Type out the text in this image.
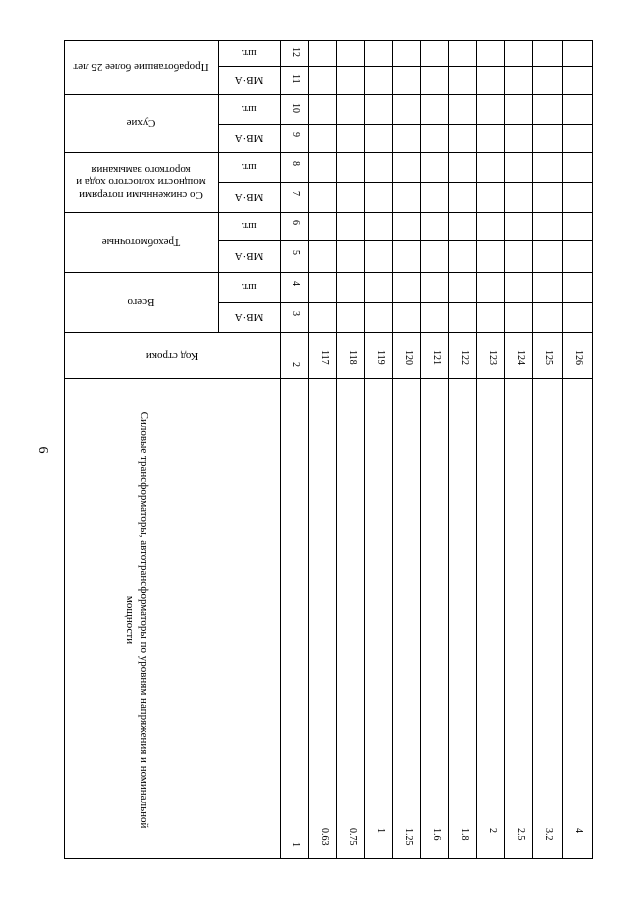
6
Всего
Трехобмоточные
Со сниженными потерями мощности холостого хода и короткого замыкания
Сухие
Проработавшие более 25 лет
МВ·А
шт.
МВ·А
шт.
МВ·А
шт.
МВ·А
шт.
МВ·А
шт.
3
4
5
6
7
8
9
10
11
12
2
1
Код строки
Силовые трансформаторы, автотрансформаторы по уровням напряжения и номинальной мощности
117
0.63
118
0.75
119
1
120
1.25
121
1.6
122
1.8
123
2
124
2.5
125
3.2
126
4
